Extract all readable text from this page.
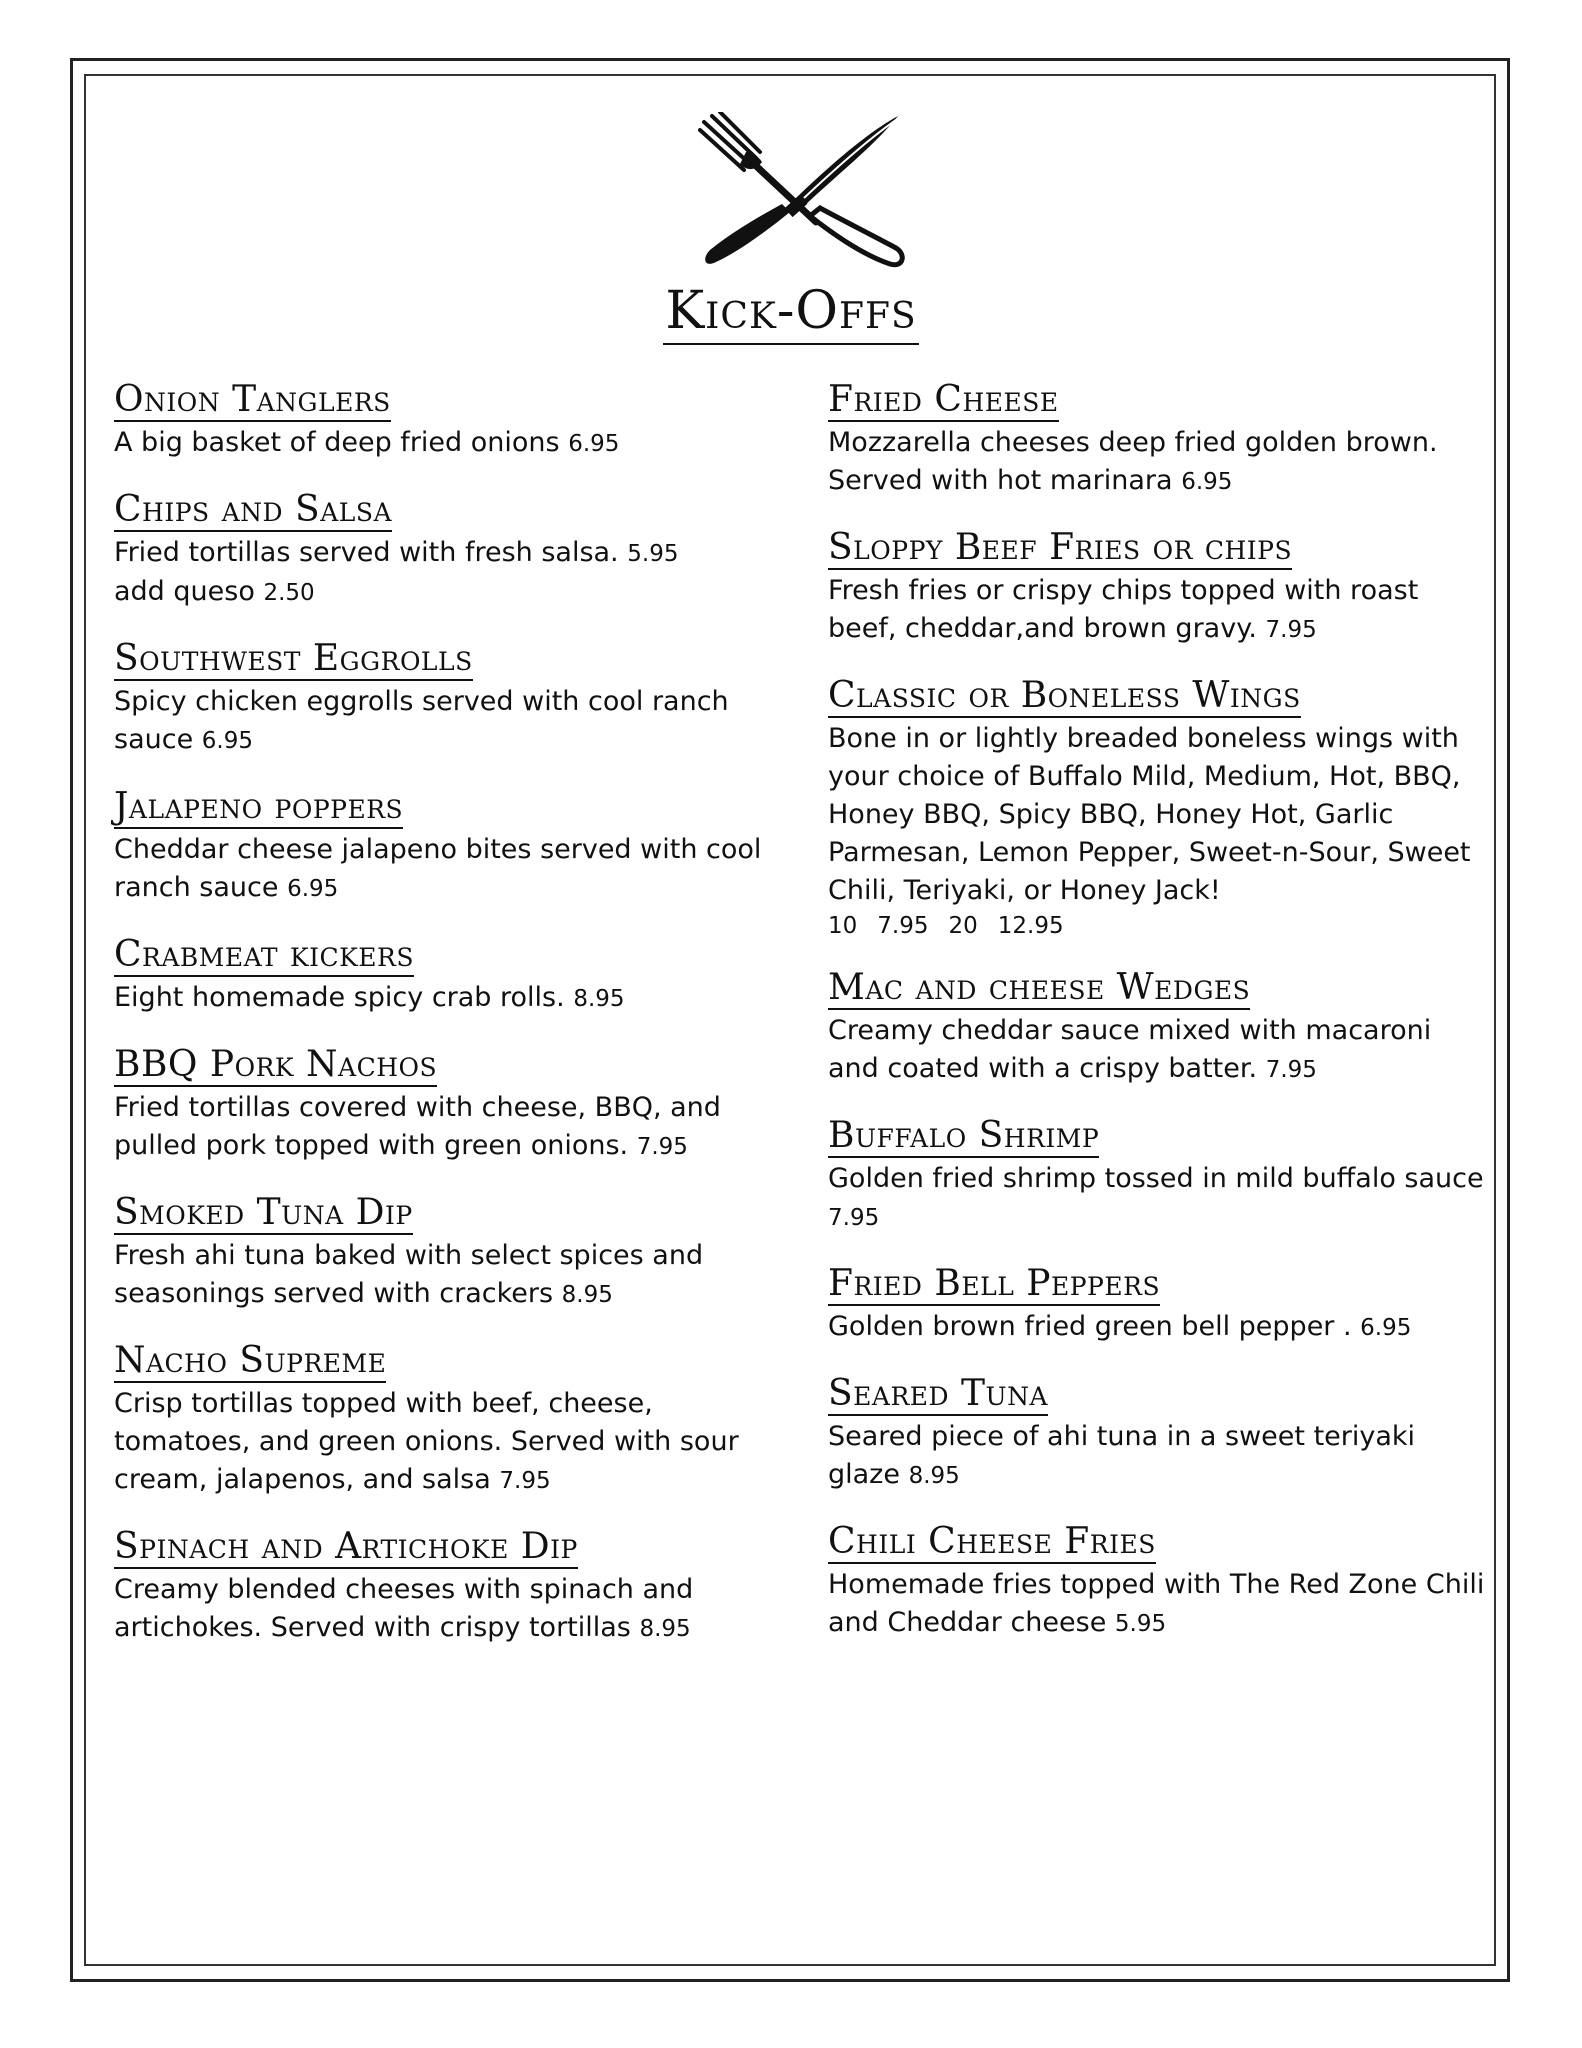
Kick-Offs
Onion Tanglers
A big basket of deep fried onions 6.95
Chips and Salsa
Fried tortillas served with fresh salsa. 5.95
add queso 2.50
Southwest Eggrolls
Spicy chicken eggrolls served with cool ranch sauce 6.95
Jalapeno poppers
Cheddar cheese jalapeno bites served with cool ranch sauce 6.95
Crabmeat kickers
Eight homemade spicy crab rolls. 8.95
BBQ Pork Nachos
Fried tortillas covered with cheese, BBQ, and pulled pork topped with green onions. 7.95
Smoked Tuna Dip
Fresh ahi tuna baked with select spices and seasonings served with crackers 8.95
Nacho Supreme
Crisp tortillas topped with beef, cheese, tomatoes, and green onions. Served with sour cream, jalapenos, and salsa 7.95
Spinach and Artichoke Dip
Creamy blended cheeses with spinach and artichokes. Served with crispy tortillas 8.95
Fried Cheese
Mozzarella cheeses deep fried golden brown. Served with hot marinara 6.95
Sloppy Beef Fries or chips
Fresh fries or crispy chips topped with roast beef, cheddar,and brown gravy. 7.95
Classic or Boneless Wings
Bone in or lightly breaded boneless wings with your choice of Buffalo Mild, Medium, Hot, BBQ, Honey BBQ, Spicy BBQ, Honey Hot, Garlic Parmesan, Lemon Pepper, Sweet-n-Sour, Sweet Chili, Teriyaki, or Honey Jack!
10 7.95 20 12.95
Mac and cheese Wedges
Creamy cheddar sauce mixed with macaroni and coated with a crispy batter. 7.95
Buffalo Shrimp
Golden fried shrimp tossed in mild buffalo sauce 7.95
Fried Bell Peppers
Golden brown fried green bell pepper . 6.95
Seared Tuna
Seared piece of ahi tuna in a sweet teriyaki glaze 8.95
Chili Cheese Fries
Homemade fries topped with The Red Zone Chili and Cheddar cheese 5.95
